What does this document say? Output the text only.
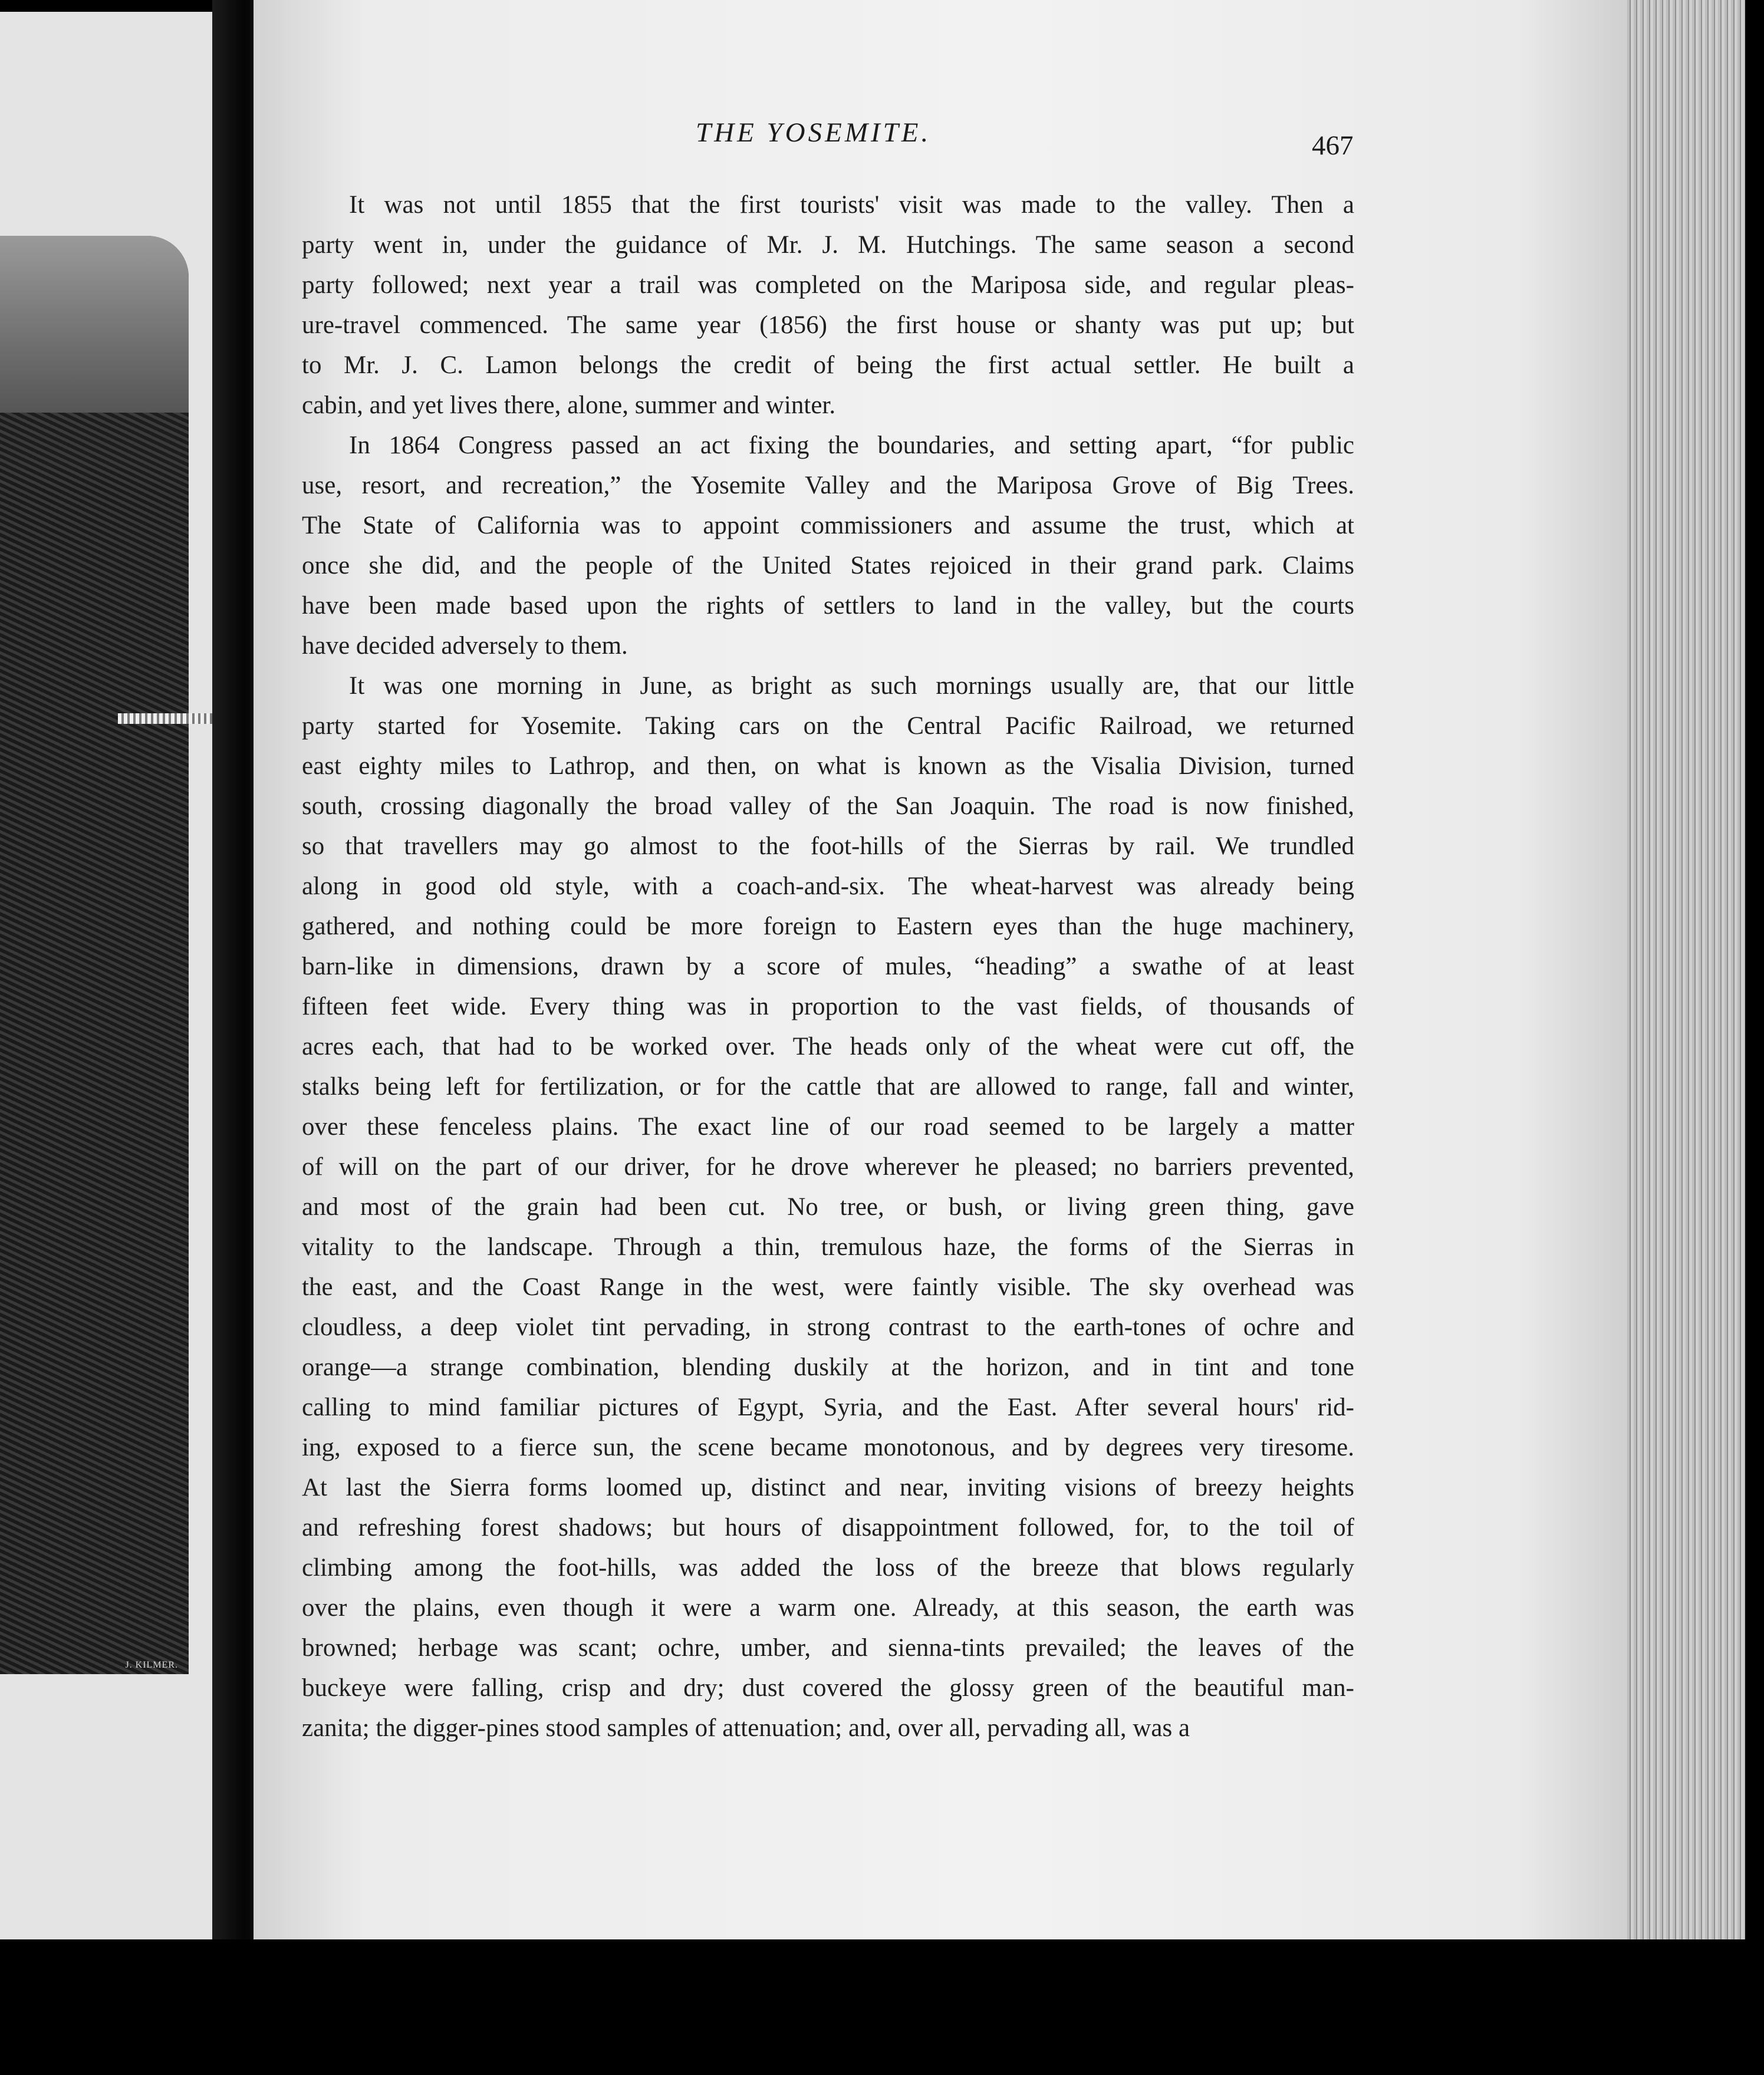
J. KILMER.
THE YOSEMITE.	467
It was not until 1855 that the first tourists' visit was made to the valley. Then a
party went in, under the guidance of Mr. J. M. Hutchings. The same season a second
party followed; next year a trail was completed on the Mariposa side, and regular pleas-
ure-travel commenced. The same year (1856) the first house or shanty was put up; but
to Mr. J. C. Lamon belongs the credit of being the first actual settler. He built a
cabin, and yet lives there, alone, summer and winter.
In 1864 Congress passed an act fixing the boundaries, and setting apart, “for public
use, resort, and recreation,” the Yosemite Valley and the Mariposa Grove of Big Trees.
The State of California was to appoint commissioners and assume the trust, which at
once she did, and the people of the United States rejoiced in their grand park. Claims
have been made based upon the rights of settlers to land in the valley, but the courts
have decided adversely to them.
It was one morning in June, as bright as such mornings usually are, that our little
party started for Yosemite. Taking cars on the Central Pacific Railroad, we returned
east eighty miles to Lathrop, and then, on what is known as the Visalia Division, turned
south, crossing diagonally the broad valley of the San Joaquin. The road is now finished,
so that travellers may go almost to the foot-hills of the Sierras by rail. We trundled
along in good old style, with a coach-and-six. The wheat-harvest was already being
gathered, and nothing could be more foreign to Eastern eyes than the huge machinery,
barn-like in dimensions, drawn by a score of mules, “heading” a swathe of at least
fifteen feet wide. Every thing was in proportion to the vast fields, of thousands of
acres each, that had to be worked over. The heads only of the wheat were cut off, the
stalks being left for fertilization, or for the cattle that are allowed to range, fall and winter,
over these fenceless plains. The exact line of our road seemed to be largely a matter
of will on the part of our driver, for he drove wherever he pleased; no barriers prevented,
and most of the grain had been cut. No tree, or bush, or living green thing, gave
vitality to the landscape. Through a thin, tremulous haze, the forms of the Sierras in
the east, and the Coast Range in the west, were faintly visible. The sky overhead was
cloudless, a deep violet tint pervading, in strong contrast to the earth-tones of ochre and
orange—a strange combination, blending duskily at the horizon, and in tint and tone
calling to mind familiar pictures of Egypt, Syria, and the East. After several hours' rid-
ing, exposed to a fierce sun, the scene became monotonous, and by degrees very tiresome.
At last the Sierra forms loomed up, distinct and near, inviting visions of breezy heights
and refreshing forest shadows; but hours of disappointment followed, for, to the toil of
climbing among the foot-hills, was added the loss of the breeze that blows regularly
over the plains, even though it were a warm one. Already, at this season, the earth was
browned; herbage was scant; ochre, umber, and sienna-tints prevailed; the leaves of the
buckeye were falling, crisp and dry; dust covered the glossy green of the beautiful man-
zanita; the digger-pines stood samples of attenuation; and, over all, pervading all, was a
